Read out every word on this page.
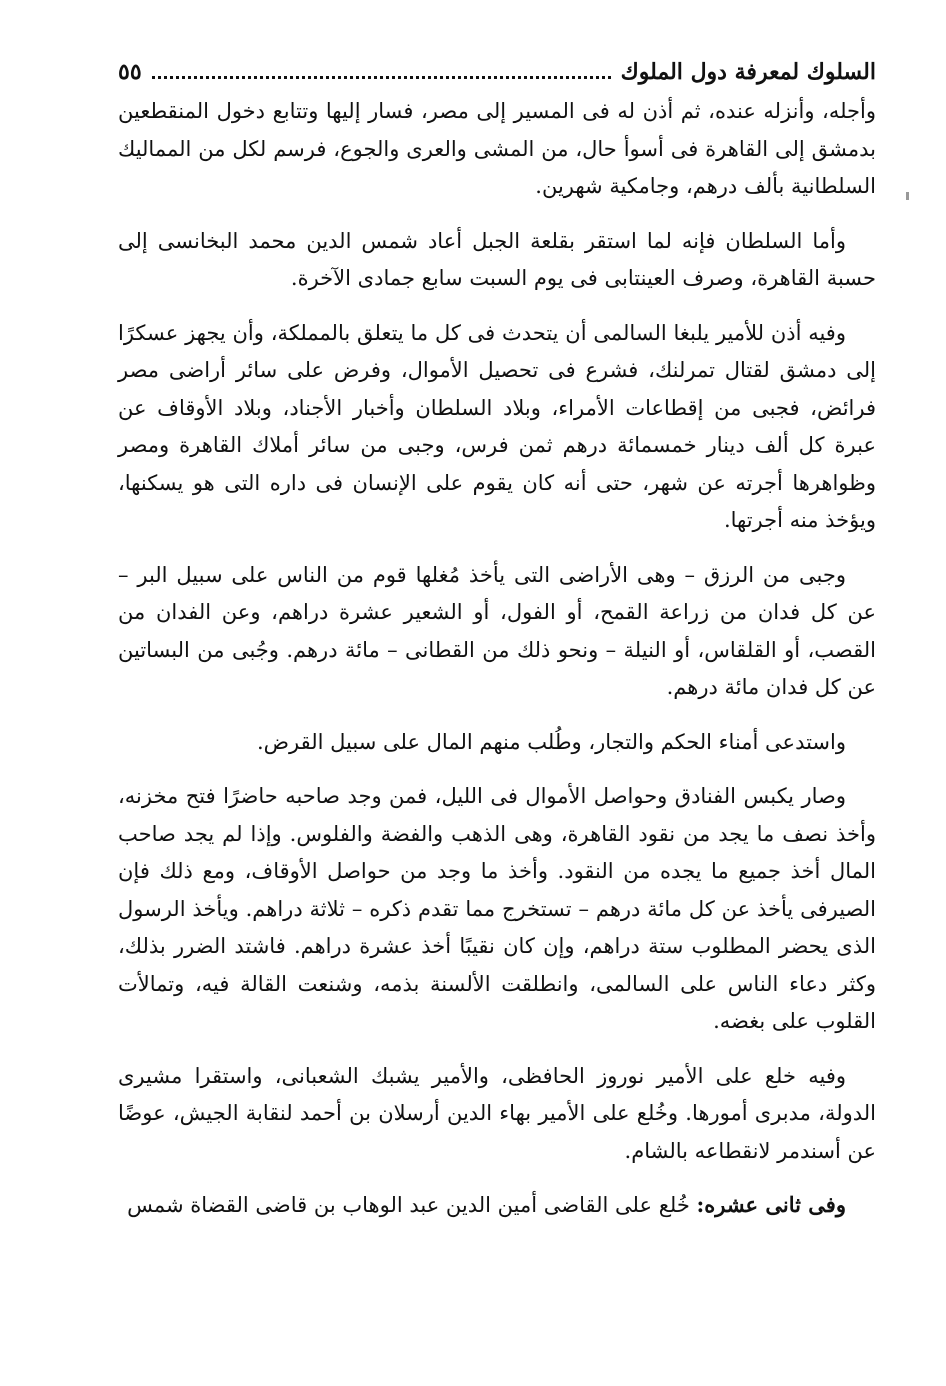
السلوك لمعرفة دول الملوك
٥٥

وأجله، وأنزله عنده، ثم أذن له فى المسير إلى مصر، فسار إليها وتتابع دخول المنقطعين بدمشق إلى القاهرة فى أسوأ حال، من المشى والعرى والجوع، فرسم لكل من المماليك السلطانية بألف درهم، وجامكية شهرين.

وأما السلطان فإنه لما استقر بقلعة الجبل أعاد شمس الدين محمد البخانسى إلى حسبة القاهرة، وصرف العينتابى فى يوم السبت سابع جمادى الآخرة.

وفيه أذن للأمير يلبغا السالمى أن يتحدث فى كل ما يتعلق بالمملكة، وأن يجهز عسكرًا إلى دمشق لقتال تمرلنك، فشرع فى تحصيل الأموال، وفرض على سائر أراضى مصر فرائض، فجبى من إقطاعات الأمراء، وبلاد السلطان وأخبار الأجناد، وبلاد الأوقاف عن عبرة كل ألف دينار خمسمائة درهم ثمن فرس، وجبى من سائر أملاك القاهرة ومصر وظواهرها أجرته عن شهر، حتى أنه كان يقوم على الإنسان فى داره التى هو يسكنها، ويؤخذ منه أجرتها.

وجبى من الرزق – وهى الأراضى التى يأخذ مُغلها قوم من الناس على سبيل البر – عن كل فدان من زراعة القمح، أو الفول، أو الشعير عشرة دراهم، وعن الفدان من القصب، أو القلقاس، أو النيلة – ونحو ذلك من القطانى – مائة درهم. وجُبى من البساتين عن كل فدان مائة درهم.

واستدعى أمناء الحكم والتجار، وطُلب منهم المال على سبيل القرض.

وصار يكبس الفنادق وحواصل الأموال فى الليل، فمن وجد صاحبه حاضرًا فتح مخزنه، وأخذ نصف ما يجد من نقود القاهرة، وهى الذهب والفضة والفلوس. وإذا لم يجد صاحب المال أخذ جميع ما يجده من النقود. وأخذ ما وجد من حواصل الأوقاف، ومع ذلك فإن الصيرفى يأخذ عن كل مائة درهم – تستخرج مما تقدم ذكره – ثلاثة دراهم. ويأخذ الرسول الذى يحضر المطلوب ستة دراهم، وإن كان نقيبًا أخذ عشرة دراهم. فاشتد الضرر بذلك، وكثر دعاء الناس على السالمى، وانطلقت الألسنة بذمه، وشنعت القالة فيه، وتمالأت القلوب على بغضه.

وفيه خلع على الأمير نوروز الحافظى، والأمير يشبك الشعبانى، واستقرا مشيرى الدولة، مدبرى أمورها. وخُلع على الأمير بهاء الدين أرسلان بن أحمد لنقابة الجيش، عوضًا عن أسندمر لانقطاعه بالشام.

وفى ثانى عشره: خُلع على القاضى أمين الدين عبد الوهاب بن قاضى القضاة شمس
